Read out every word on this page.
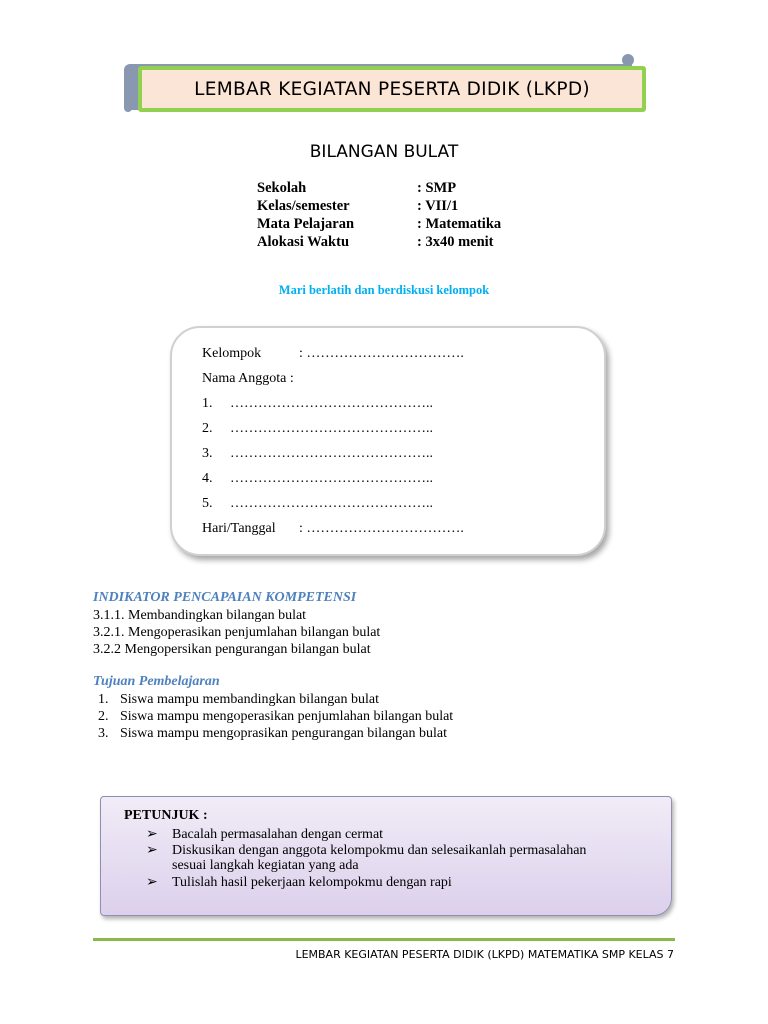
LEMBAR KEGIATAN PESERTA DIDIK (LKPD)
BILANGAN BULAT
Sekolah	: SMP
Kelas/semester	: VII/1
Mata Pelajaran	: Matematika
Alokasi Waktu	: 3x40 menit
Mari berlatih dan berdiskusi kelompok
Kelompok	: …………………………….
Nama Anggota :
1. ……………………………………..
2. ……………………………………..
3. ……………………………………..
4. ……………………………………..
5. ……………………………………..
Hari/Tanggal : …………………………….
INDIKATOR PENCAPAIAN KOMPETENSI
3.1.1. Membandingkan bilangan bulat
3.2.1. Mengoperasikan penjumlahan bilangan bulat
3.2.2 Mengopersikan pengurangan bilangan bulat
Tujuan Pembelajaran
1. Siswa mampu membandingkan bilangan bulat
2. Siswa mampu mengoperasikan penjumlahan bilangan bulat
3. Siswa mampu mengoprasikan pengurangan bilangan bulat
PETUNJUK :
➢ Bacalah permasalahan dengan cermat
➢ Diskusikan dengan anggota kelompokmu dan selesaikanlah permasalahan
sesuai langkah kegiatan yang ada
➢ Tulislah hasil pekerjaan kelompokmu dengan rapi
LEMBAR KEGIATAN PESERTA DIDIK (LKPD) MATEMATIKA SMP KELAS 7
